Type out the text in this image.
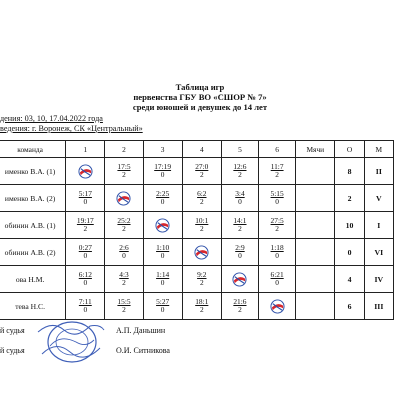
Таблица игр
первенства ГБУ ВО «СШОР № 7»
среди юношей и девушек до 14 лет
дения: 03, 10, 17.04.2022 года
ведения: г. Воронеж, СК «Центральный»
команда	1	2	3	4	5	6	Мячи	О	М
именко В.А. (1)		$\frac{17:5}{2}$	$\frac{17:19}{0}$	$\frac{27:0}{2}$	$\frac{12:6}{2}$	$\frac{11:7}{2}$		8	II
именко В.А. (2)	$\frac{5:17}{0}$		$\frac{2:25}{0}$	$\frac{6:2}{2}$	$\frac{3:4}{0}$	$\frac{5:15}{0}$		2	V
обинин А.В. (1)	$\frac{19:17}{2}$	$\frac{25:2}{2}$		$\frac{10:1}{2}$	$\frac{14:1}{2}$	$\frac{27:5}{2}$		10	I
обинин А.В. (2)	$\frac{0:27}{0}$	$\frac{2:6}{0}$	$\frac{1:10}{0}$		$\frac{2:9}{0}$	$\frac{1:18}{0}$		0	VI
ова Н.М.	$\frac{6:12}{0}$	$\frac{4:3}{2}$	$\frac{1:14}{0}$	$\frac{9:2}{2}$		$\frac{6:21}{0}$		4	IV
тева Н.С.	$\frac{7:11}{0}$	$\frac{15:5}{2}$	$\frac{5:27}{0}$	$\frac{18:1}{2}$	$\frac{21:6}{2}$			6	III
й судья	А.П. Даньшин
й судья	О.И. Ситникова
